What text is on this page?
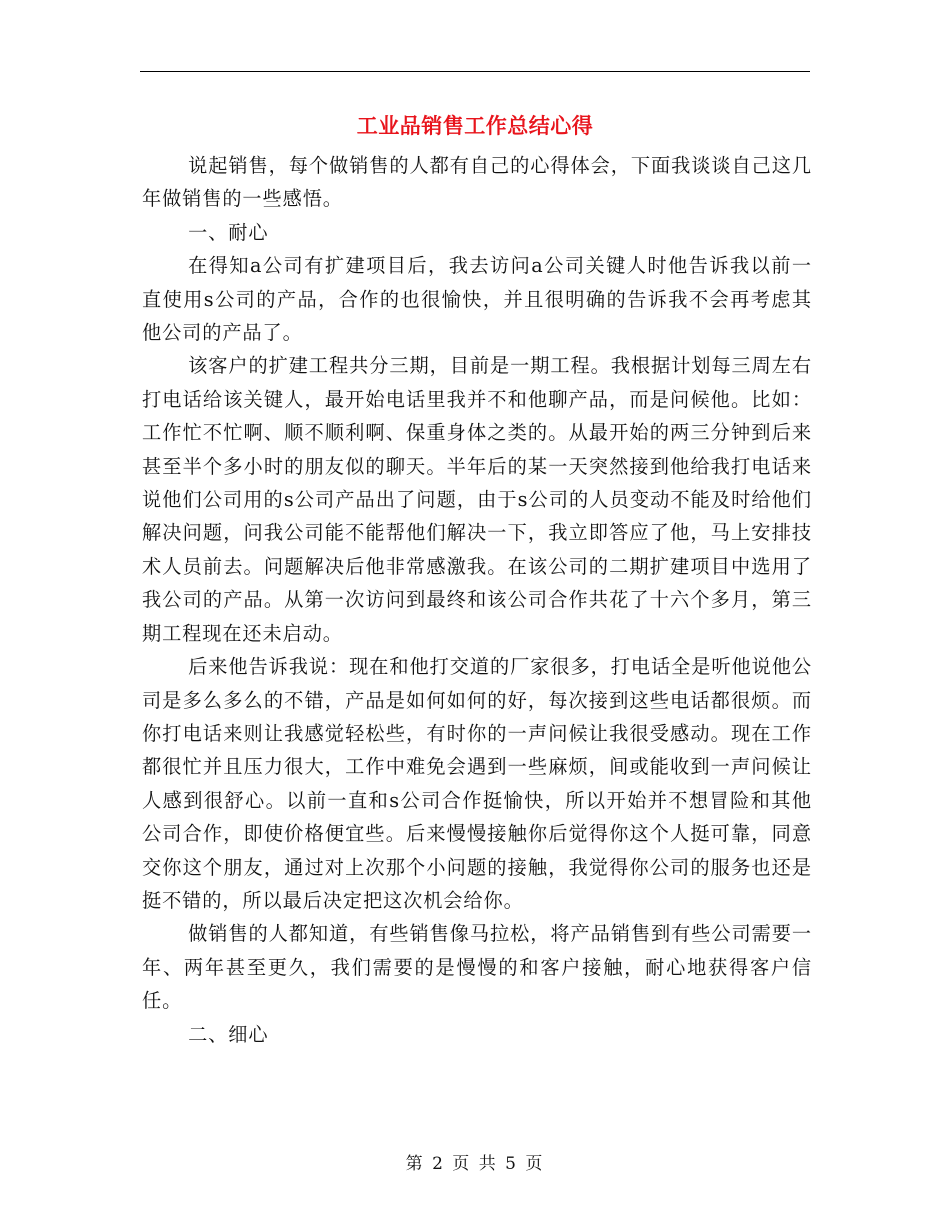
工业品销售工作总结心得

说起销售，每个做销售的人都有自己的心得体会，下面我谈谈自己这几年做销售的一些感悟。

一、耐心

在得知a公司有扩建项目后，我去访问a公司关键人时他告诉我以前一直使用s公司的产品，合作的也很愉快，并且很明确的告诉我不会再考虑其他公司的产品了。

该客户的扩建工程共分三期，目前是一期工程。我根据计划每三周左右打电话给该关键人，最开始电话里我并不和他聊产品，而是问候他。比如：工作忙不忙啊、顺不顺利啊、保重身体之类的。从最开始的两三分钟到后来甚至半个多小时的朋友似的聊天。半年后的某一天突然接到他给我打电话来说他们公司用的s公司产品出了问题，由于s公司的人员变动不能及时给他们解决问题，问我公司能不能帮他们解决一下，我立即答应了他，马上安排技术人员前去。问题解决后他非常感激我。在该公司的二期扩建项目中选用了我公司的产品。从第一次访问到最终和该公司合作共花了十六个多月，第三期工程现在还未启动。

后来他告诉我说：现在和他打交道的厂家很多，打电话全是听他说他公司是多么多么的不错，产品是如何如何的好，每次接到这些电话都很烦。而你打电话来则让我感觉轻松些，有时你的一声问候让我很受感动。现在工作都很忙并且压力很大，工作中难免会遇到一些麻烦，间或能收到一声问候让人感到很舒心。以前一直和s公司合作挺愉快，所以开始并不想冒险和其他公司合作，即使价格便宜些。后来慢慢接触你后觉得你这个人挺可靠，同意交你这个朋友，通过对上次那个小问题的接触，我觉得你公司的服务也还是挺不错的，所以最后决定把这次机会给你。

做销售的人都知道，有些销售像马拉松，将产品销售到有些公司需要一年、两年甚至更久，我们需要的是慢慢的和客户接触，耐心地获得客户信任。

二、细心

第 2 页 共 5 页
